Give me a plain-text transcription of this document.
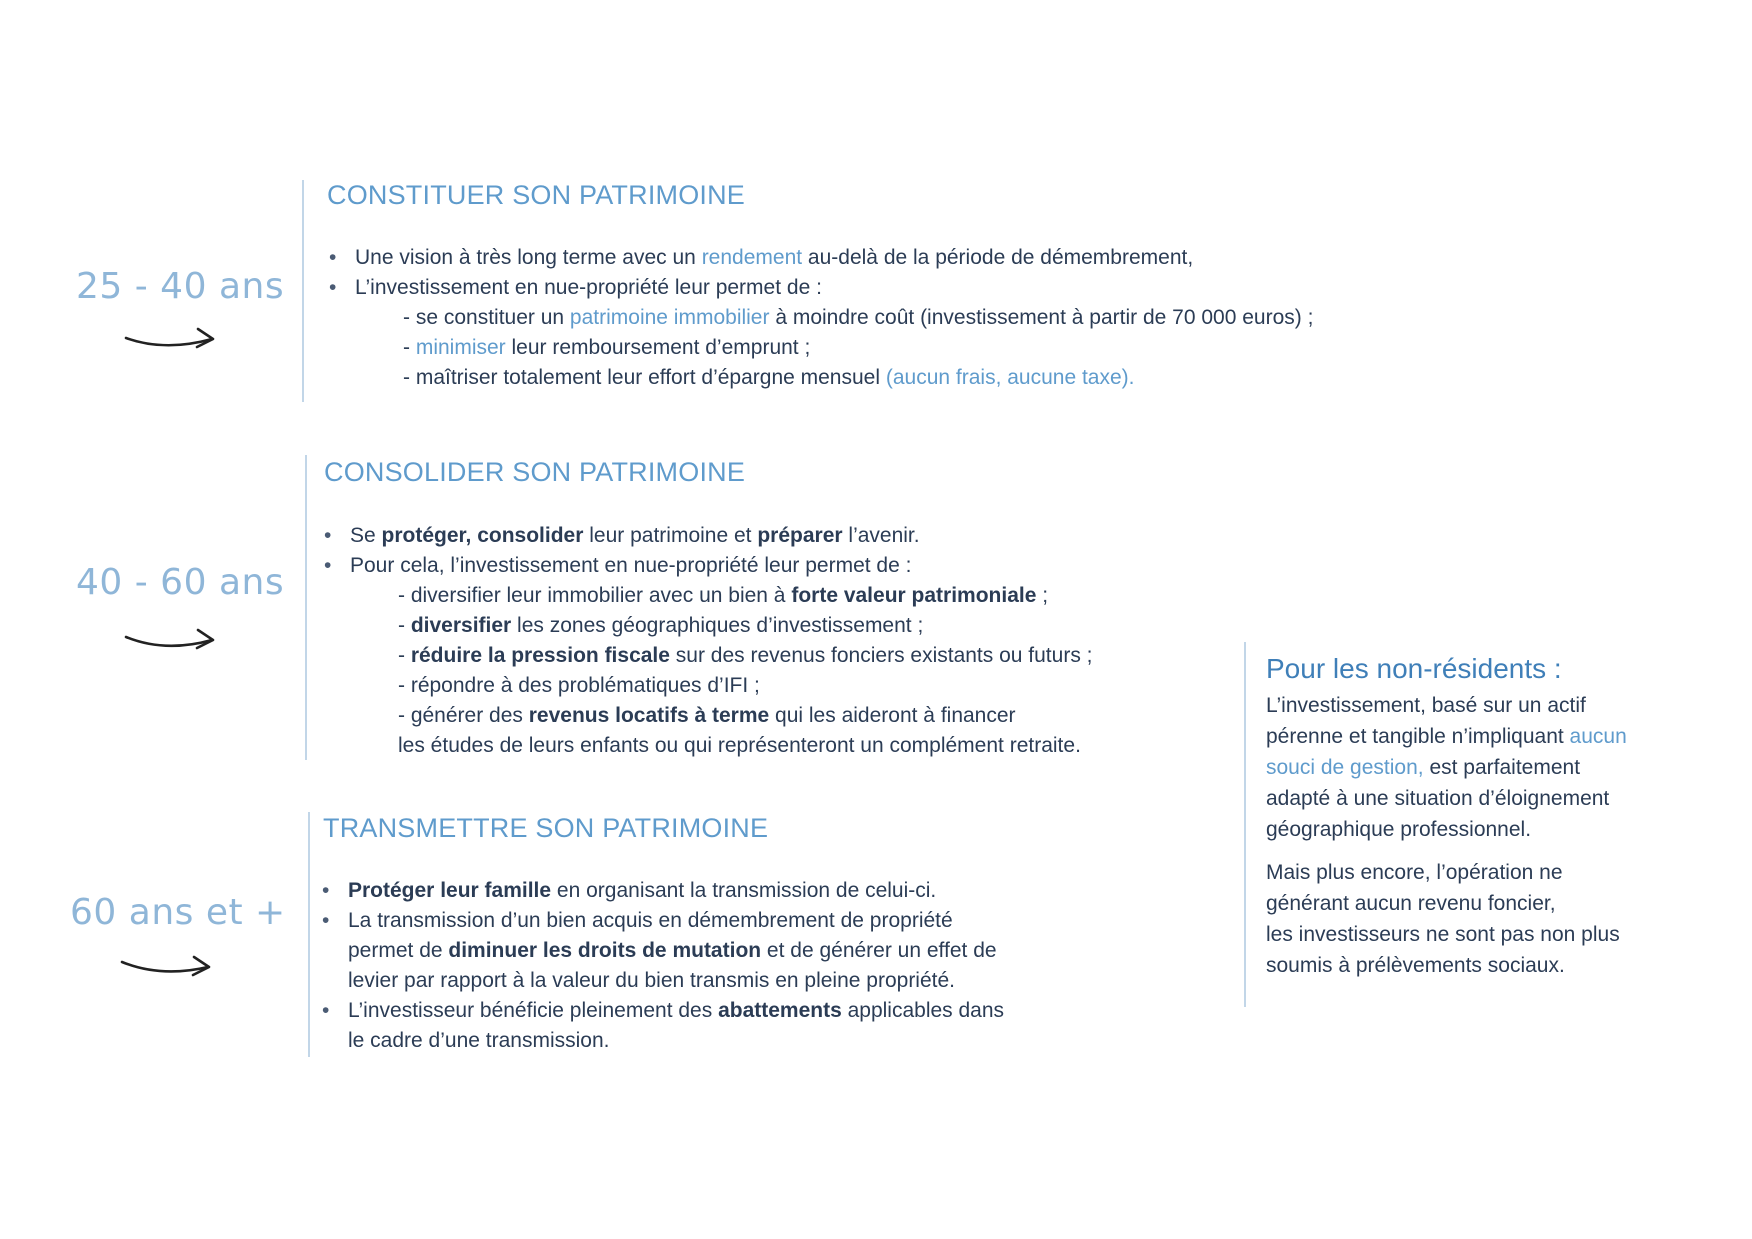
25 - 40 ans
CONSTITUER SON PATRIMOINE
• Une vision à très long terme avec un rendement au-delà de la période de démembrement,
• L’investissement en nue-propriété leur permet de :
- se constituer un patrimoine immobilier à moindre coût (investissement à partir de 70 000 euros) ;
- minimiser leur remboursement d’emprunt ;
- maîtriser totalement leur effort d’épargne mensuel (aucun frais, aucune taxe).
40 - 60 ans
CONSOLIDER SON PATRIMOINE
• Se protéger, consolider leur patrimoine et préparer l’avenir.
• Pour cela, l’investissement en nue-propriété leur permet de :
- diversifier leur immobilier avec un bien à forte valeur patrimoniale ;
- diversifier les zones géographiques d’investissement ;
- réduire la pression fiscale sur des revenus fonciers existants ou futurs ;
- répondre à des problématiques d’IFI ;
- générer des revenus locatifs à terme qui les aideront à financer
les études de leurs enfants ou qui représenteront un complément retraite.
60 ans et +
TRANSMETTRE SON PATRIMOINE
• Protéger leur famille en organisant la transmission de celui-ci.
• La transmission d’un bien acquis en démembrement de propriété
permet de diminuer les droits de mutation et de générer un effet de
levier par rapport à la valeur du bien transmis en pleine propriété.
• L’investisseur bénéficie pleinement des abattements applicables dans
le cadre d’une transmission.
Pour les non-résidents :
L’investissement, basé sur un actif
pérenne et tangible n’impliquant aucun
souci de gestion, est parfaitement
adapté à une situation d’éloignement
géographique professionnel.
Mais plus encore, l’opération ne
générant aucun revenu foncier,
les investisseurs ne sont pas non plus
soumis à prélèvements sociaux.
